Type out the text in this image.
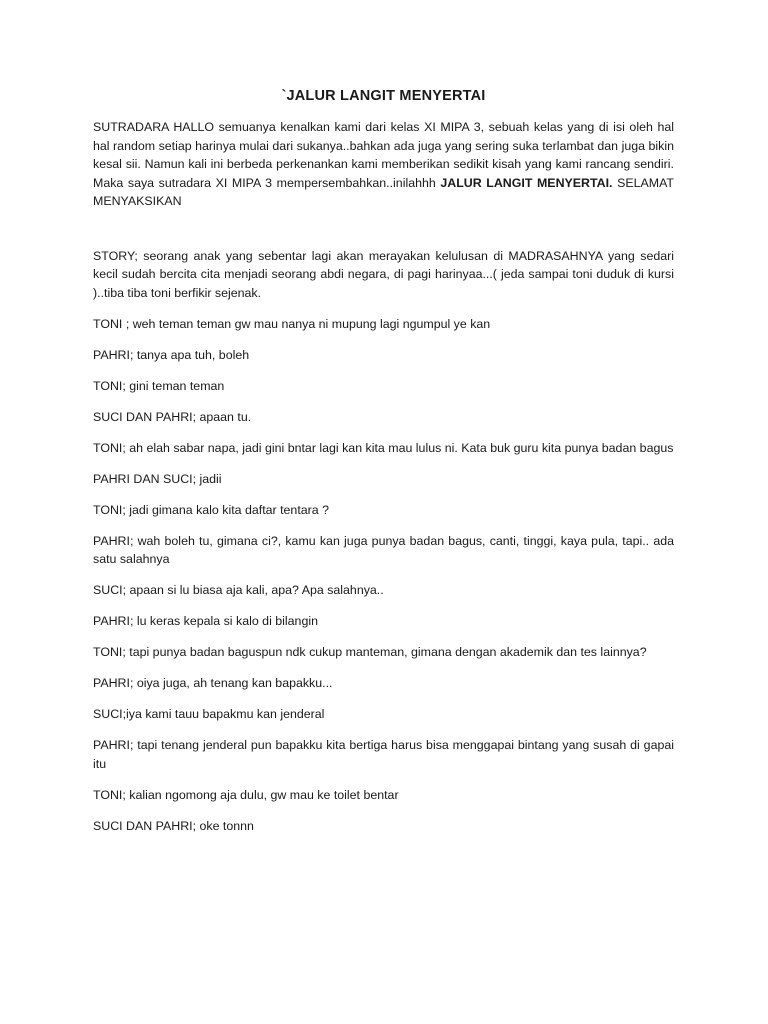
`JALUR LANGIT MENYERTAI

SUTRADARA HALLO semuanya kenalkan kami dari kelas XI MIPA 3, sebuah kelas yang di isi oleh hal hal random setiap harinya mulai dari sukanya..bahkan ada juga yang sering suka terlambat dan juga bikin kesal sii. Namun kali ini berbeda perkenankan kami memberikan sedikit kisah yang kami rancang sendiri. Maka saya sutradara XI MIPA 3 mempersembahkan..inilahhh JALUR LANGIT MENYERTAI. SELAMAT MENYAKSIKAN

STORY; seorang anak yang sebentar lagi akan merayakan kelulusan di MADRASAHNYA yang sedari kecil sudah bercita cita menjadi seorang abdi negara, di pagi harinyaa...( jeda sampai toni duduk di kursi )..tiba tiba toni berfikir sejenak.

TONI ; weh teman teman gw mau nanya ni mupung lagi ngumpul ye kan

PAHRI; tanya apa tuh, boleh

TONI; gini teman teman

SUCI DAN PAHRI; apaan tu.

TONI; ah elah sabar napa, jadi gini bntar lagi kan kita mau lulus ni. Kata buk guru kita punya badan bagus

PAHRI DAN SUCI; jadii

TONI; jadi gimana kalo kita daftar tentara ?

PAHRI; wah boleh tu, gimana ci?, kamu kan juga punya badan bagus, canti, tinggi, kaya pula, tapi.. ada satu salahnya

SUCI; apaan si lu biasa aja kali, apa? Apa salahnya..

PAHRI; lu keras kepala si kalo di bilangin

TONI; tapi punya badan baguspun ndk cukup manteman, gimana dengan akademik dan tes lainnya?

PAHRI; oiya juga, ah tenang kan bapakku...

SUCI;iya kami tauu bapakmu kan jenderal

PAHRI; tapi tenang jenderal pun bapakku kita bertiga harus bisa menggapai bintang yang susah di gapai itu

TONI; kalian ngomong aja dulu, gw mau ke toilet bentar

SUCI DAN PAHRI; oke tonnn
